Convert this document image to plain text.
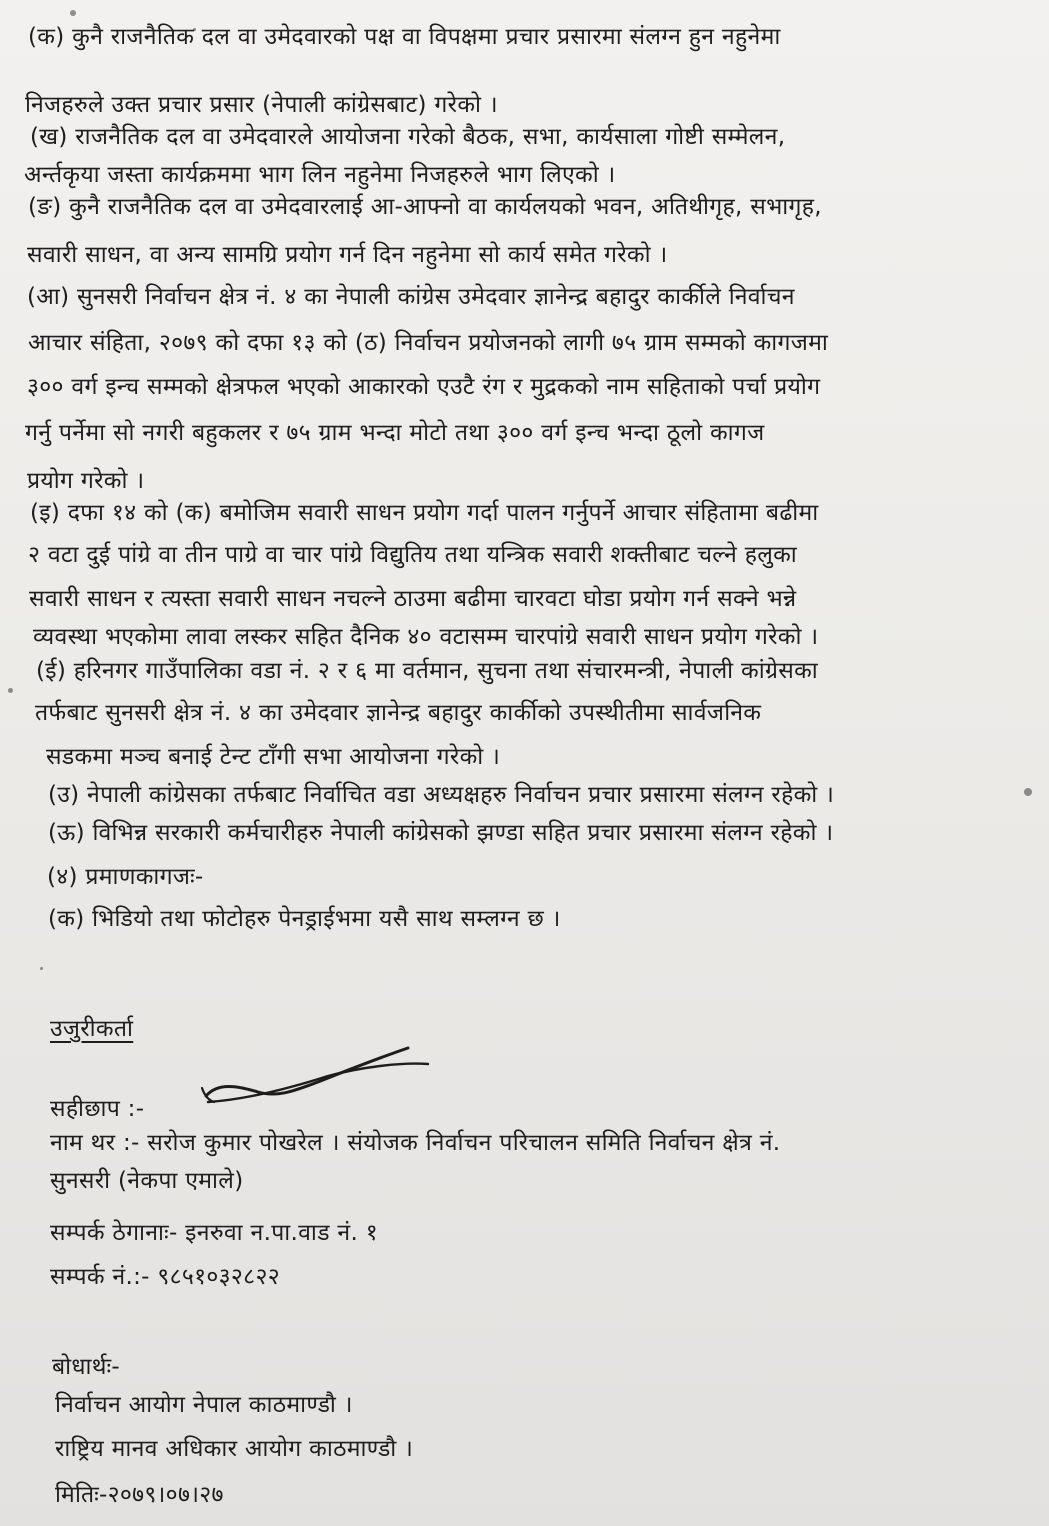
(क) कुनै राजनैतिक दल वा उमेदवारको पक्ष वा विपक्षमा प्रचार प्रसारमा संलग्न हुन नहुनेमा
निजहरुले उक्त प्रचार प्रसार (नेपाली कांग्रेसबाट) गरेको ।
(ख) राजनैतिक दल वा उमेदवारले आयोजना गरेको बैठक, सभा, कार्यसाला गोष्टी सम्मेलन,
अर्न्तकृया जस्ता कार्यक्रममा भाग लिन नहुनेमा निजहरुले भाग लिएको ।
(ङ) कुनै राजनैतिक दल वा उमेदवारलाई आ-आफ्नो वा कार्यलयको भवन, अतिथीगृह, सभागृह,
सवारी साधन, वा अन्य सामग्रि प्रयोग गर्न दिन नहुनेमा सो कार्य समेत गरेको ।
(आ) सुनसरी निर्वाचन क्षेत्र नं. ४ का नेपाली कांग्रेस उमेदवार ज्ञानेन्द्र बहादुर कार्कीले निर्वाचन
आचार संहिता, २०७९ को दफा १३ को (ठ) निर्वाचन प्रयोजनको लागी ७५ ग्राम सम्मको कागजमा
३०० वर्ग इन्च सम्मको क्षेत्रफल भएको आकारको एउटै रंग र मुद्रकको नाम सहिताको पर्चा प्रयोग
गर्नु पर्नेमा सो नगरी बहुकलर र ७५ ग्राम भन्दा मोटो तथा ३०० वर्ग इन्च भन्दा ठूलो कागज
प्रयोग गरेको ।
(इ) दफा १४ को (क) बमोजिम सवारी साधन प्रयोग गर्दा पालन गर्नुपर्ने आचार संहितामा बढीमा
२ वटा दुई पांग्रे वा तीन पाग्रे वा चार पांग्रे विद्युतिय तथा यन्त्रिक सवारी शक्तीबाट चल्ने हलुका
सवारी साधन र त्यस्ता सवारी साधन नचल्ने ठाउमा बढीमा चारवटा घोडा प्रयोग गर्न सक्ने भन्ने
व्यवस्था भएकोमा लावा लस्कर सहित दैनिक ४० वटासम्म चारपांग्रे सवारी साधन प्रयोग गरेको ।
(ई) हरिनगर गाउँपालिका वडा नं. २ र ६ मा वर्तमान, सुचना तथा संचारमन्त्री, नेपाली कांग्रेसका
तर्फबाट सुनसरी क्षेत्र नं. ४ का उमेदवार ज्ञानेन्द्र बहादुर कार्कीको उपस्थीतीमा सार्वजनिक
सडकमा मञ्च बनाई टेन्ट टाँगी सभा आयोजना गरेको ।
(उ) नेपाली कांग्रेसका तर्फबाट निर्वाचित वडा अध्यक्षहरु निर्वाचन प्रचार प्रसारमा संलग्न रहेको ।
(ऊ) विभिन्न सरकारी कर्मचारीहरु नेपाली कांग्रेसको झण्डा सहित प्रचार प्रसारमा संलग्न रहेको ।
(४) प्रमाणकागजः-
(क) भिडियो तथा फोटोहरु पेनड्राईभमा यसै साथ सम्लग्न छ ।
उजुरीकर्ता
सहीछाप :-
नाम थर :- सरोज कुमार पोखरेल । संयोजक निर्वाचन परिचालन समिति निर्वाचन क्षेत्र नं.
सुनसरी (नेकपा एमाले)
सम्पर्क ठेगानाः- इनरुवा न.पा.वाड नं. १
सम्पर्क नं.:- ९८५१०३२८२२
बोधार्थः-
निर्वाचन आयोग नेपाल काठमाण्डौ ।
राष्ट्रिय मानव अधिकार आयोग काठमाण्डौ ।
मितिः-२०७९।०७।२७
